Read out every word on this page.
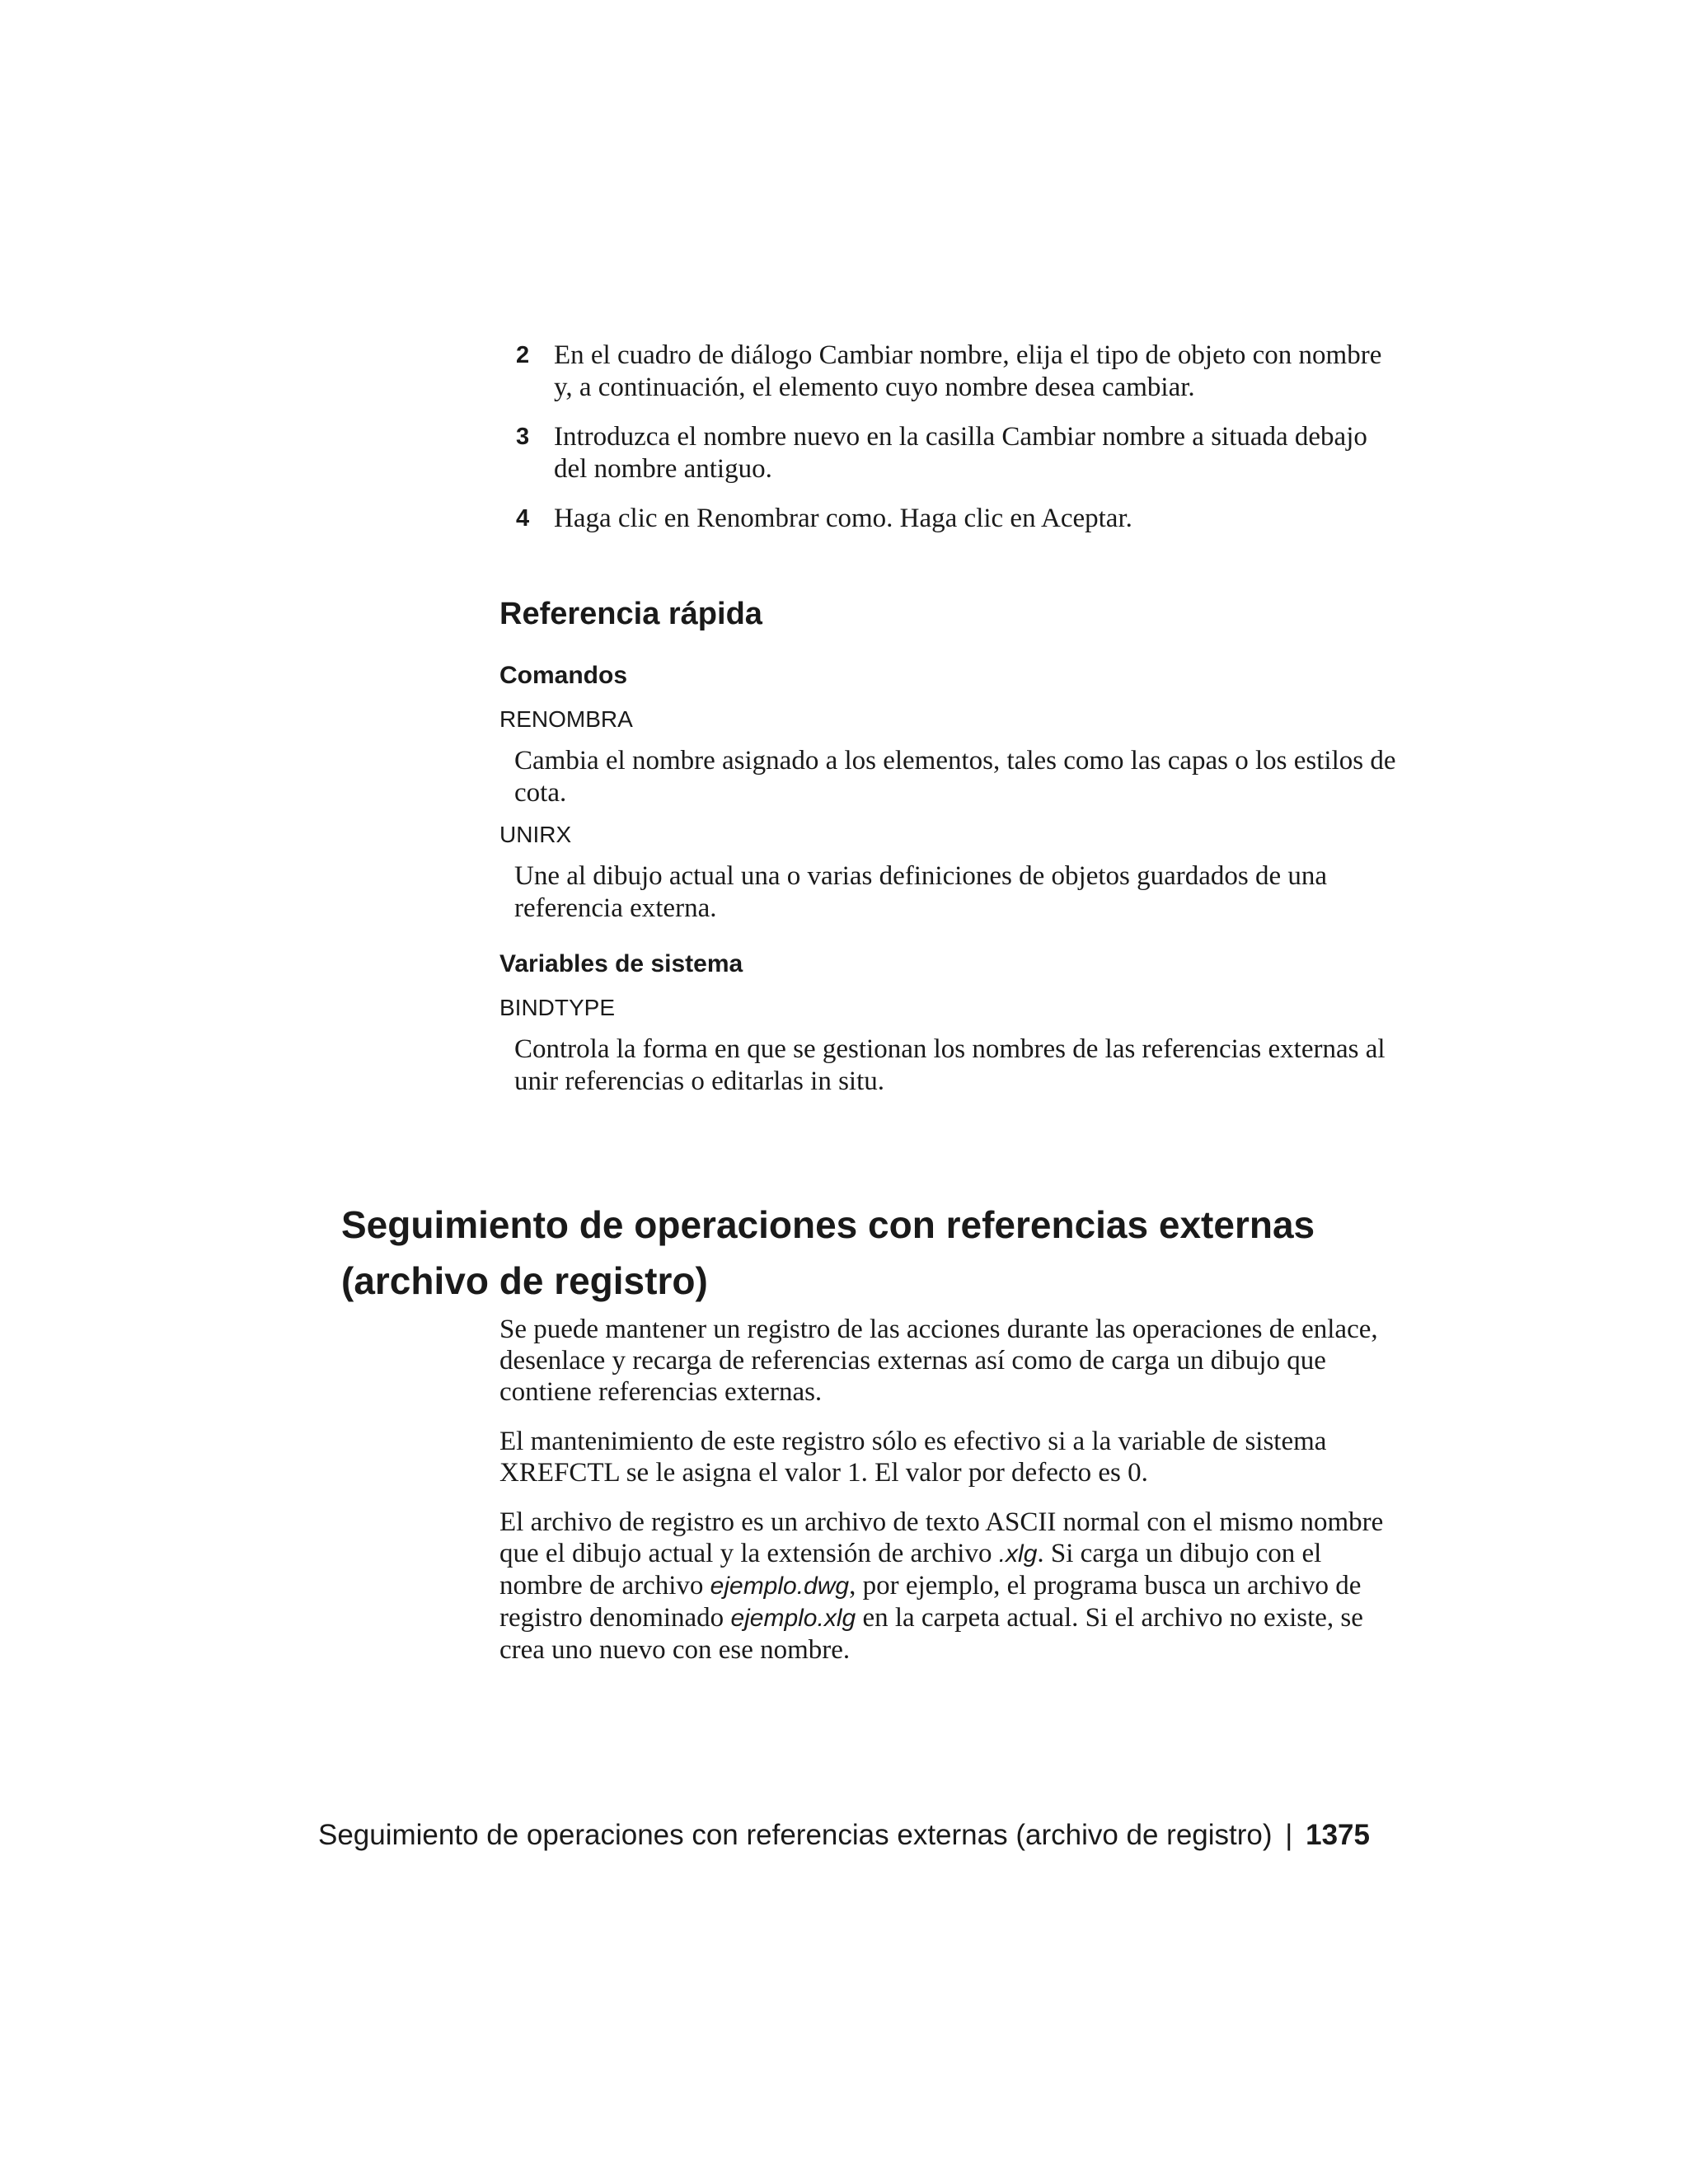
2 En el cuadro de diálogo Cambiar nombre, elija el tipo de objeto con nombre y, a continuación, el elemento cuyo nombre desea cambiar.
3 Introduzca el nombre nuevo en la casilla Cambiar nombre a situada debajo del nombre antiguo.
4 Haga clic en Renombrar como. Haga clic en Aceptar.
Referencia rápida
Comandos
RENOMBRA
Cambia el nombre asignado a los elementos, tales como las capas o los estilos de cota.
UNIRX
Une al dibujo actual una o varias definiciones de objetos guardados de una referencia externa.
Variables de sistema
BINDTYPE
Controla la forma en que se gestionan los nombres de las referencias externas al unir referencias o editarlas in situ.
Seguimiento de operaciones con referencias externas (archivo de registro)

Se puede mantener un registro de las acciones durante las operaciones de enlace, desenlace y recarga de referencias externas así como de carga un dibujo que contiene referencias externas.

El mantenimiento de este registro sólo es efectivo si a la variable de sistema XREFCTL se le asigna el valor 1. El valor por defecto es 0.

El archivo de registro es un archivo de texto ASCII normal con el mismo nombre que el dibujo actual y la extensión de archivo .xlg. Si carga un dibujo con el nombre de archivo ejemplo.dwg, por ejemplo, el programa busca un archivo de registro denominado ejemplo.xlg en la carpeta actual. Si el archivo no existe, se crea uno nuevo con ese nombre.

Seguimiento de operaciones con referencias externas (archivo de registro) | 1375
